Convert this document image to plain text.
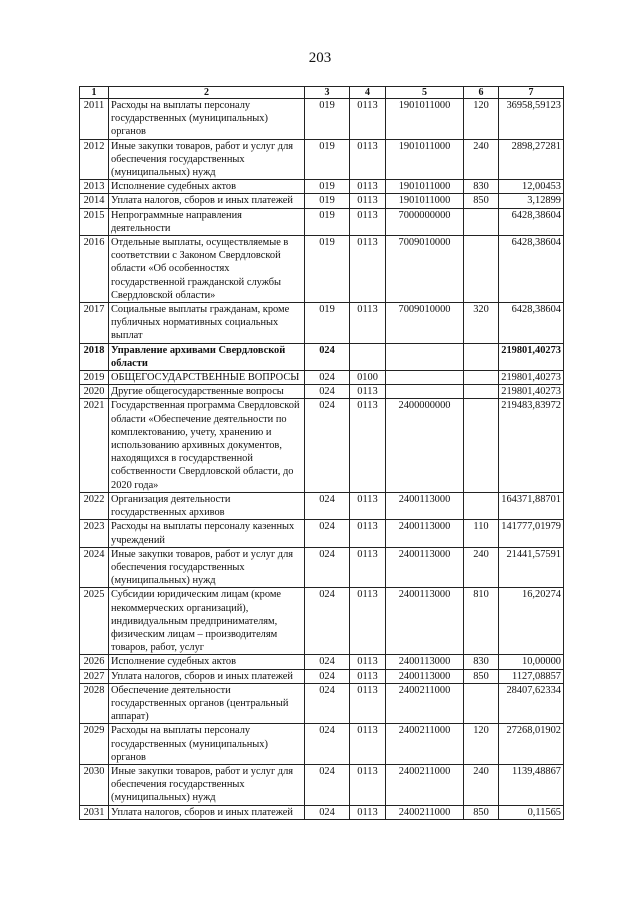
203
1	2	3	4	5	6	7
2011	Расходы на выплаты персоналу государственных (муниципальных) органов	019	0113	1901011000	120	36958,59123
2012	Иные закупки товаров, работ и услуг для обеспечения государственных (муниципальных) нужд	019	0113	1901011000	240	2898,27281
2013	Исполнение судебных актов	019	0113	1901011000	830	12,00453
2014	Уплата налогов, сборов и иных платежей	019	0113	1901011000	850	3,12899
2015	Непрограммные направления деятельности	019	0113	7000000000		6428,38604
2016	Отдельные выплаты, осуществляемые в соответствии с Законом Свердловской области «Об особенностях государственной гражданской службы Свердловской области»	019	0113	7009010000		6428,38604
2017	Социальные выплаты гражданам, кроме публичных нормативных социальных выплат	019	0113	7009010000	320	6428,38604
2018	Управление архивами Свердловской области	024				219801,40273
2019	ОБЩЕГОСУДАРСТВЕННЫЕ ВОПРОСЫ	024	0100			219801,40273
2020	Другие общегосударственные вопросы	024	0113			219801,40273
2021	Государственная программа Свердловской области «Обеспечение деятельности по комплектованию, учету, хранению и использованию архивных документов, находящихся в государственной собственности Свердловской области, до 2020 года»	024	0113	2400000000		219483,83972
2022	Организация деятельности государственных архивов	024	0113	2400113000		164371,88701
2023	Расходы на выплаты персоналу казенных учреждений	024	0113	2400113000	110	141777,01979
2024	Иные закупки товаров, работ и услуг для обеспечения государственных (муниципальных) нужд	024	0113	2400113000	240	21441,57591
2025	Субсидии юридическим лицам (кроме некоммерческих организаций), индивидуальным предпринимателям, физическим лицам – производителям товаров, работ, услуг	024	0113	2400113000	810	16,20274
2026	Исполнение судебных актов	024	0113	2400113000	830	10,00000
2027	Уплата налогов, сборов и иных платежей	024	0113	2400113000	850	1127,08857
2028	Обеспечение деятельности государственных органов (центральный аппарат)	024	0113	2400211000		28407,62334
2029	Расходы на выплаты персоналу государственных (муниципальных) органов	024	0113	2400211000	120	27268,01902
2030	Иные закупки товаров, работ и услуг для обеспечения государственных (муниципальных) нужд	024	0113	2400211000	240	1139,48867
2031	Уплата налогов, сборов и иных платежей	024	0113	2400211000	850	0,11565
